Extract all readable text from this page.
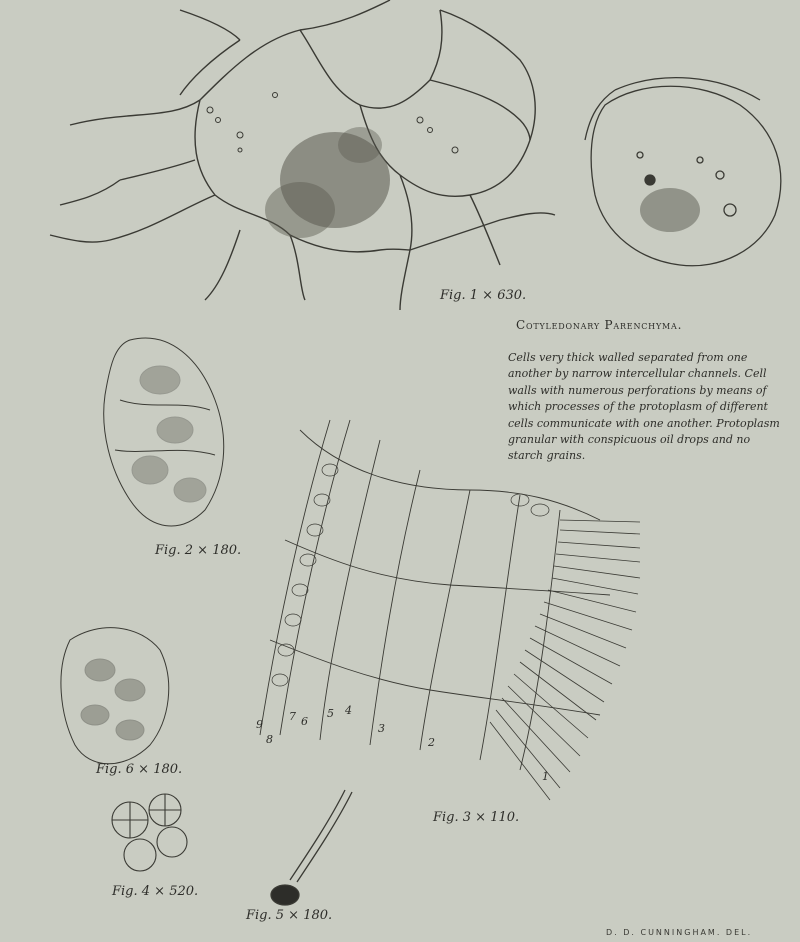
Fig. 1 × 630.
Fig. 2 × 180.
Fig. 3 × 110.
Fig. 4 × 520.
Fig. 5 × 180.
Fig. 6 × 180.
Cotyledonary Parenchyma.
Cells very thick walled separated from one another by narrow intercellular channels. Cell walls with numerous perforations by means of which processes of the protoplasm of different cells communicate with one another. Protoplasm granular with conspicuous oil drops and no starch grains.
1
2
3
4
5
6
7
8
9
D. D. CUNNINGHAM. DEL.
